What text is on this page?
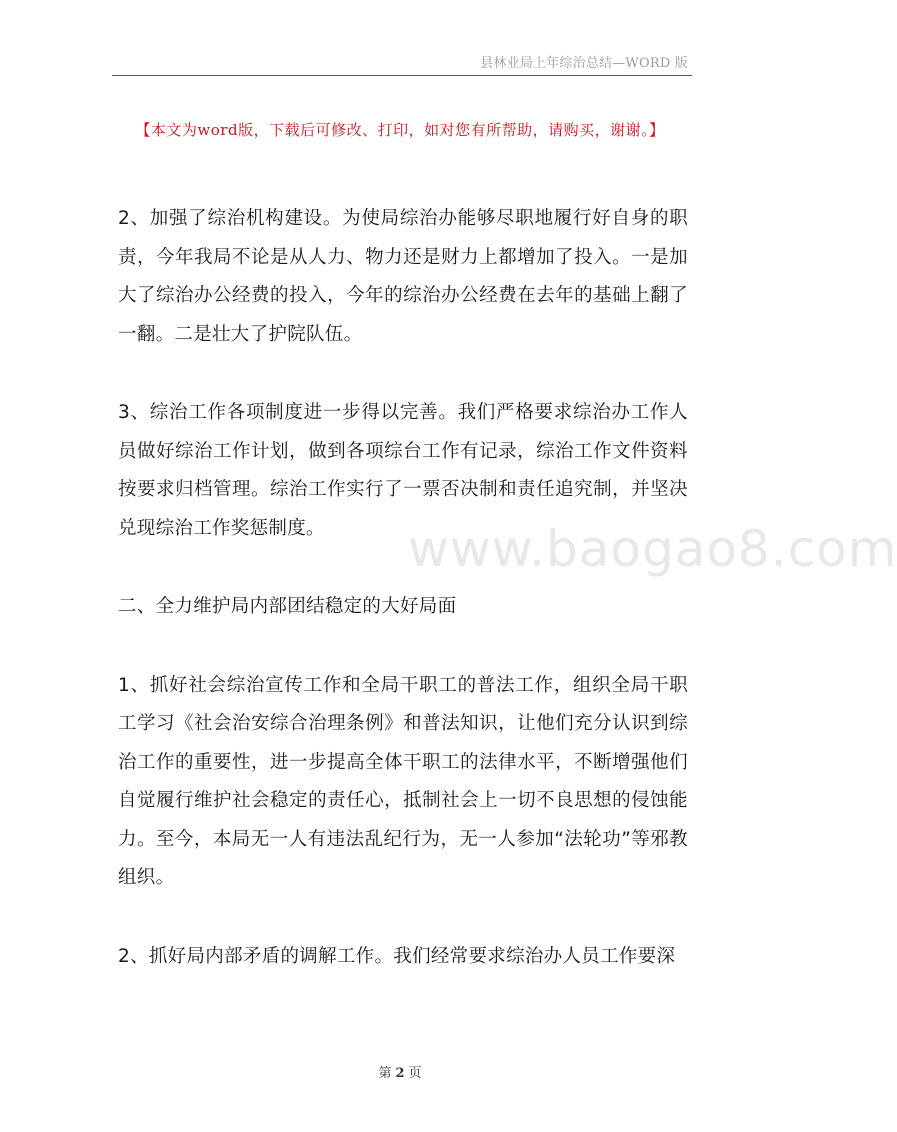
县林业局上年综治总结—WORD 版
【本文为word版，下载后可修改、打印，如对您有所帮助，请购买，谢谢。】
www.baogao8.com

2、加强了综治机构建设。为使局综治办能够尽职地履行好自身的职责，今年我局不论是从人力、物力还是财力上都增加了投入。一是加大了综治办公经费的投入，今年的综治办公经费在去年的基础上翻了一翻。二是壮大了护院队伍。

3、综治工作各项制度进一步得以完善。我们严格要求综治办工作人员做好综治工作计划，做到各项综台工作有记录，综治工作文件资料按要求归档管理。综治工作实行了一票否决制和责任追究制，并坚决兑现综治工作奖惩制度。

二、全力维护局内部团结稳定的大好局面

1、抓好社会综治宣传工作和全局干职工的普法工作，组织全局干职工学习《社会治安综合治理条例》和普法知识，让他们充分认识到综治工作的重要性，进一步提高全体干职工的法律水平，不断增强他们自觉履行维护社会稳定的责任心，抵制社会上一切不良思想的侵蚀能力。至今，本局无一人有违法乱纪行为，无一人参加“法轮功”等邪教组织。

2、抓好局内部矛盾的调解工作。我们经常要求综治办人员工作要深

第 2 页
